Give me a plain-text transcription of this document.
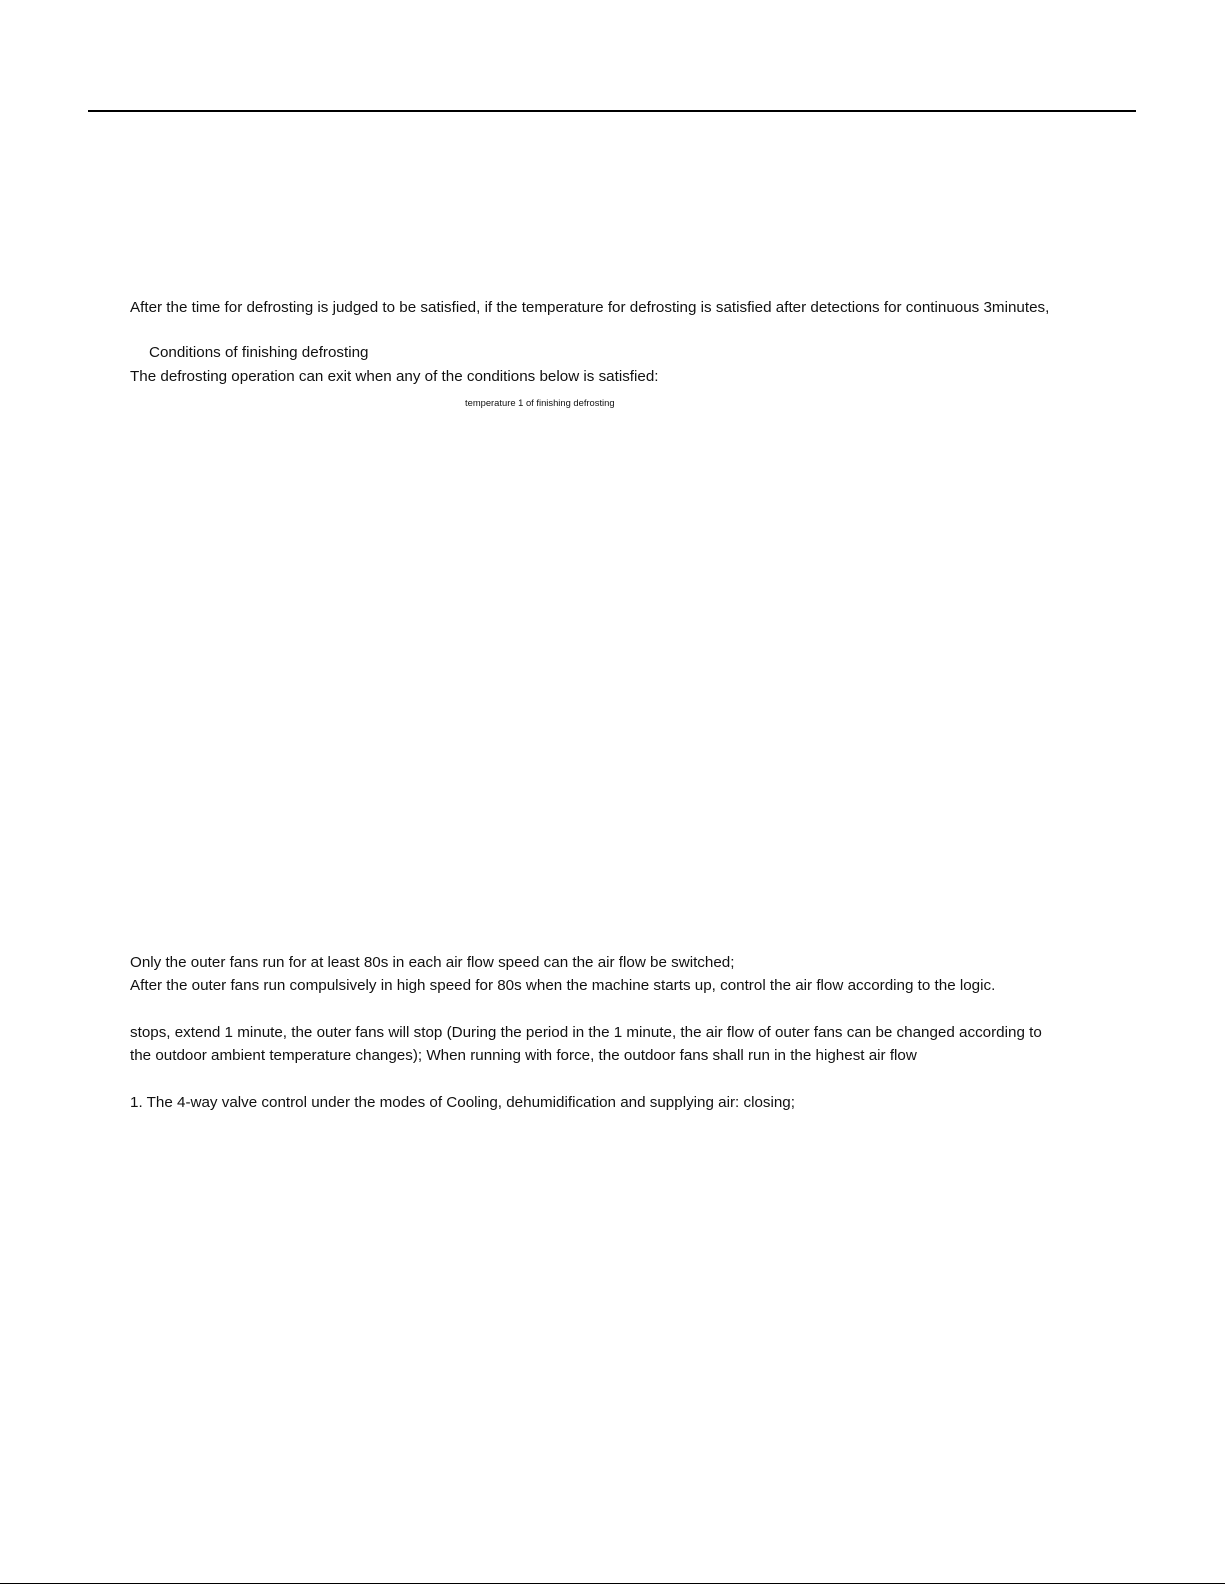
After the time for defrosting is judged to be satisfied, if the temperature for defrosting is satisfied after detections for continuous 3minutes,
Conditions of finishing defrosting
The defrosting operation can exit when any of the conditions below is satisfied:
temperature 1 of finishing defrosting
Only the outer fans run for at least 80s in each air flow speed can the air flow be switched;
After the outer fans run compulsively in high speed for 80s when the machine starts up, control the air flow according to the logic.
stops, extend 1 minute, the outer fans will stop (During the period in the 1 minute, the air flow of outer fans can be changed according to
the outdoor ambient temperature changes); When running with force, the outdoor fans shall run in the highest air flow
1. The 4-way valve control under the modes of Cooling, dehumidification and supplying air: closing;
